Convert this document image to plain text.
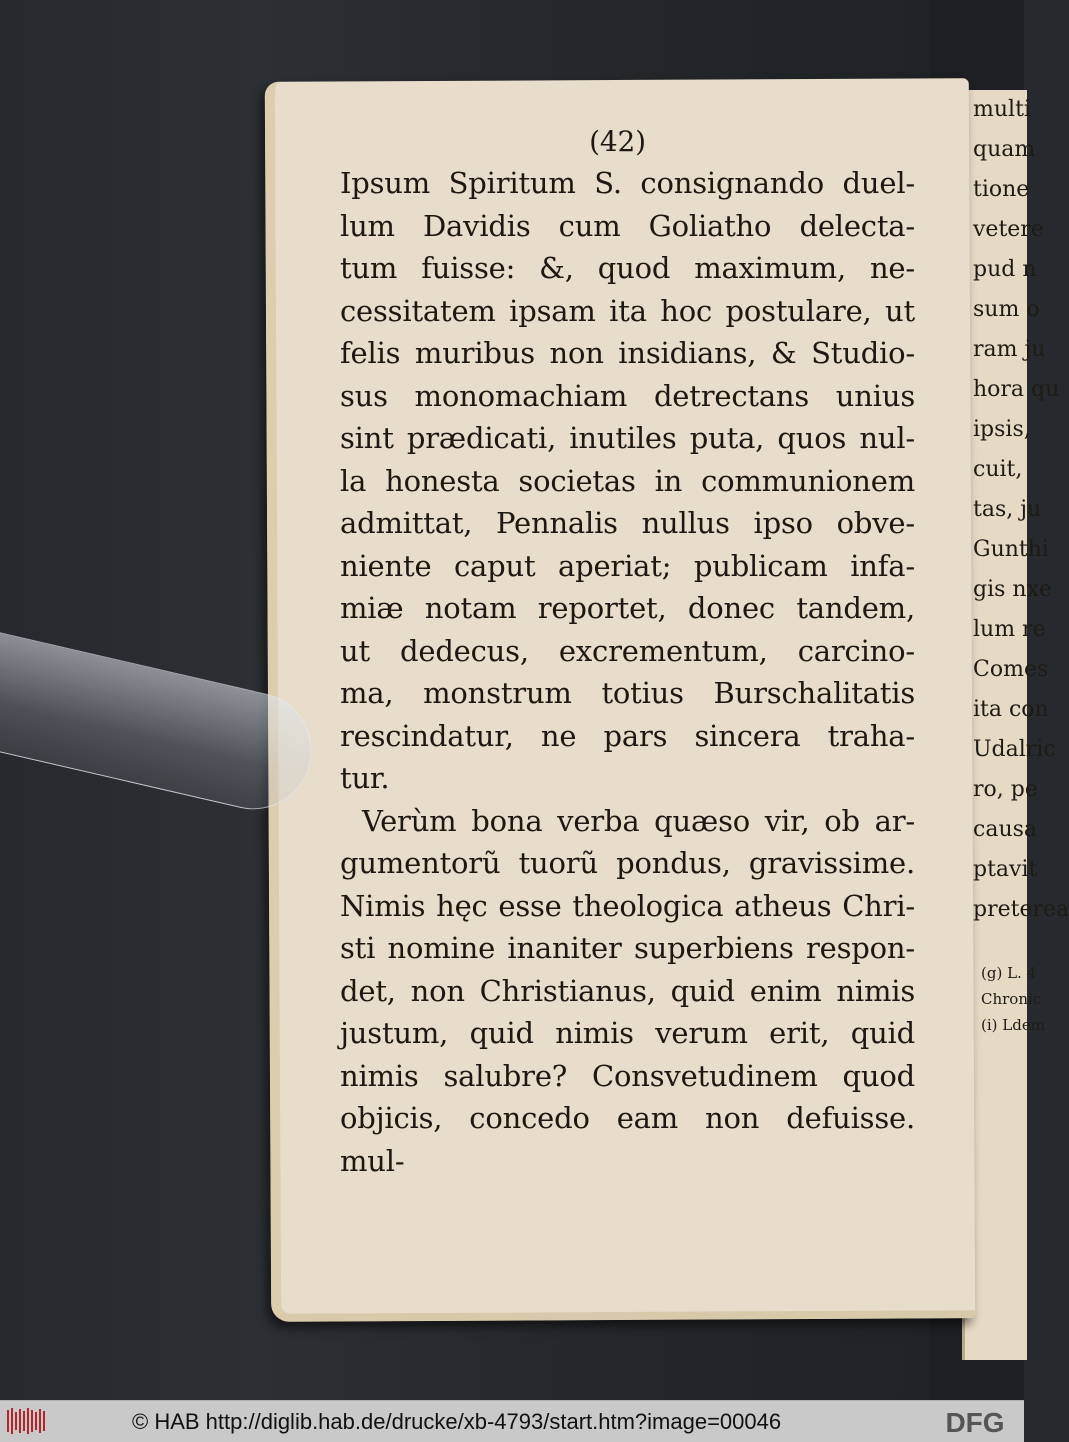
multi
quam
tione
vetere
pud n
sum o
ram ju
hora qu
ipsis,
cuit,
tas, ju
Gunthi
gis nxe
lum re
Comes
ita con
Udalric
ro, pe
causa
ptavit
preterea
(g) L. 4
Chronic
(i) Ldem
(42)
Ipsum Spiritum S. consignando duel-
lum Davidis cum Goliatho delecta-
tum fuisse: &, quod maximum, ne-
cessitatem ipsam ita hoc postulare, ut
felis muribus non insidians, & Studio-
sus monomachiam detrectans unius
sint prædicati, inutiles puta, quos nul-
la honesta societas in communionem
admittat, Pennalis nullus ipso obve-
niente caput aperiat; publicam infa-
miæ notam reportet, donec tandem,
ut dedecus, excrementum, carcino-
ma, monstrum totius Burschalitatis
rescindatur, ne pars sincera traha-
tur.
Verùm bona verba quæso vir, ob ar-
gumentorũ tuorũ pondus, gravissime.
Nimis hęc esse theologica atheus Chri-
sti nomine inaniter superbiens respon-
det, non Christianus, quid enim nimis
justum, quid nimis verum erit, quid
nimis salubre? Consvetudinem quod
objicis, concedo eam non defuisse.
mul-
© HAB http://diglib.hab.de/drucke/xb-4793/start.htm?image=00046	DFG
